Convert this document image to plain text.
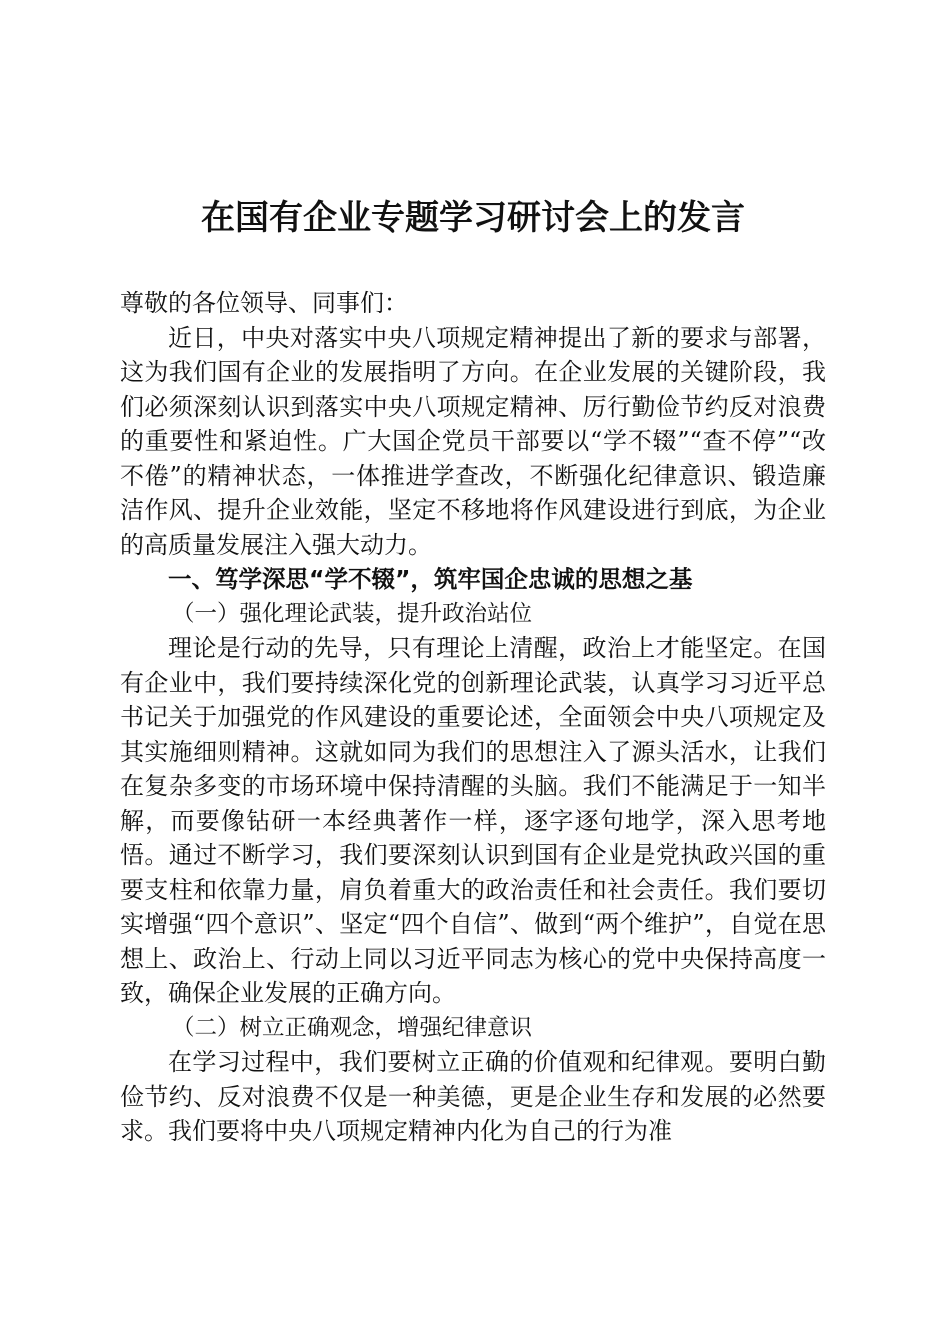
在国有企业专题学习研讨会上的发言

尊敬的各位领导、同事们：

近日，中央对落实中央八项规定精神提出了新的要求与部署，这为我们国有企业的发展指明了方向。在企业发展的关键阶段，我们必须深刻认识到落实中央八项规定精神、厉行勤俭节约反对浪费的重要性和紧迫性。广大国企党员干部要以“学不辍”“查不停”“改不倦”的精神状态，一体推进学查改，不断强化纪律意识、锻造廉洁作风、提升企业效能，坚定不移地将作风建设进行到底，为企业的高质量发展注入强大动力。

一、笃学深思“学不辍”，筑牢国企忠诚的思想之基

（一）强化理论武装，提升政治站位

理论是行动的先导，只有理论上清醒，政治上才能坚定。在国有企业中，我们要持续深化党的创新理论武装，认真学习习近平总书记关于加强党的作风建设的重要论述，全面领会中央八项规定及其实施细则精神。这就如同为我们的思想注入了源头活水，让我们在复杂多变的市场环境中保持清醒的头脑。我们不能满足于一知半解，而要像钻研一本经典著作一样，逐字逐句地学，深入思考地悟。通过不断学习，我们要深刻认识到国有企业是党执政兴国的重要支柱和依靠力量，肩负着重大的政治责任和社会责任。我们要切实增强“四个意识”、坚定“四个自信”、做到“两个维护”，自觉在思想上、政治上、行动上同以习近平同志为核心的党中央保持高度一致，确保企业发展的正确方向。

（二）树立正确观念，增强纪律意识

在学习过程中，我们要树立正确的价值观和纪律观。要明白勤俭节约、反对浪费不仅是一种美德，更是企业生存和发展的必然要求。我们要将中央八项规定精神内化为自己的行为准
